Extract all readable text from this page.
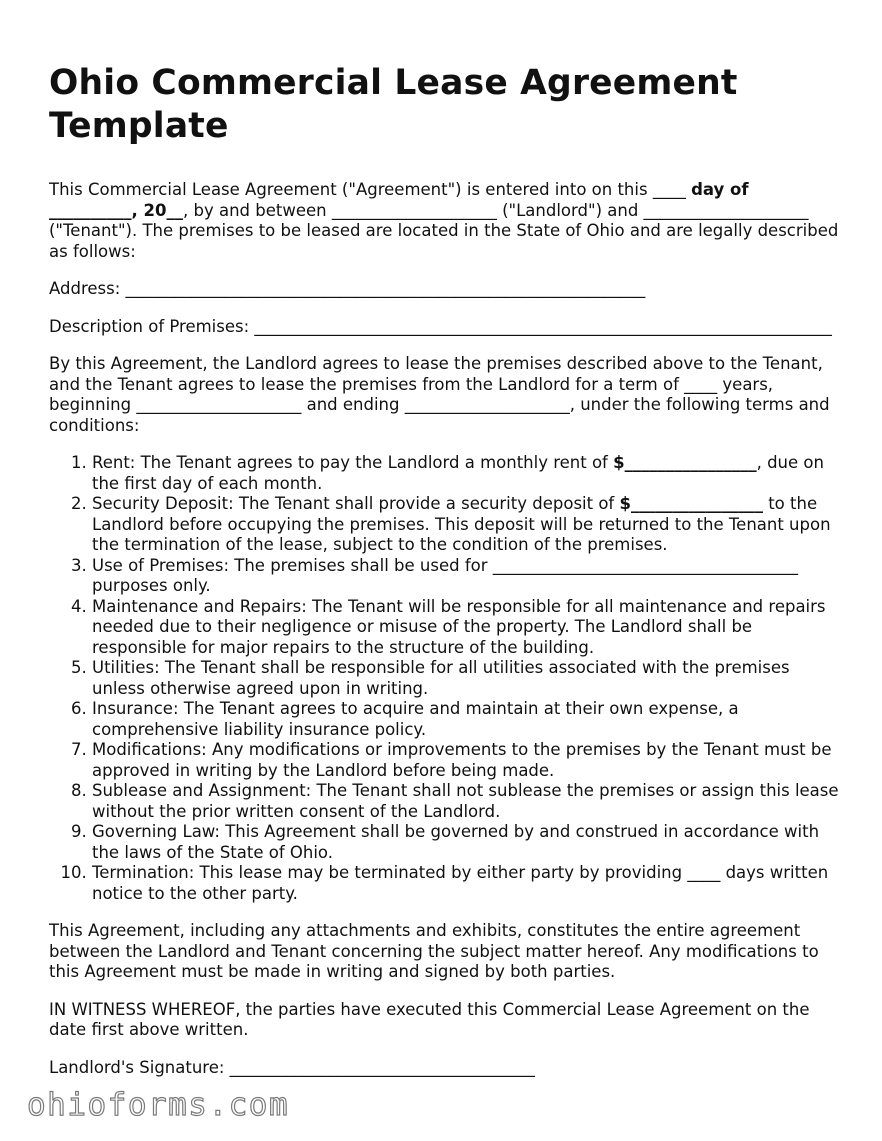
Ohio Commercial Lease Agreement Template

This Commercial Lease Agreement ("Agreement") is entered into on this ____ day of __________, 20__, by and between ____________________ ("Landlord") and ____________________ ("Tenant"). The premises to be leased are located in the State of Ohio and are legally described as follows:

Address: _______________________________________________________________

Description of Premises: ______________________________________________________________________

By this Agreement, the Landlord agrees to lease the premises described above to the Tenant, and the Tenant agrees to lease the premises from the Landlord for a term of ____ years, beginning ____________________ and ending ____________________, under the following terms and conditions:

1. Rent: The Tenant agrees to pay the Landlord a monthly rent of $________________, due on the first day of each month.
2. Security Deposit: The Tenant shall provide a security deposit of $________________ to the Landlord before occupying the premises. This deposit will be returned to the Tenant upon the termination of the lease, subject to the condition of the premises.
3. Use of Premises: The premises shall be used for _____________________________________ purposes only.
4. Maintenance and Repairs: The Tenant will be responsible for all maintenance and repairs needed due to their negligence or misuse of the property. The Landlord shall be responsible for major repairs to the structure of the building.
5. Utilities: The Tenant shall be responsible for all utilities associated with the premises unless otherwise agreed upon in writing.
6. Insurance: The Tenant agrees to acquire and maintain at their own expense, a comprehensive liability insurance policy.
7. Modifications: Any modifications or improvements to the premises by the Tenant must be approved in writing by the Landlord before being made.
8. Sublease and Assignment: The Tenant shall not sublease the premises or assign this lease without the prior written consent of the Landlord.
9. Governing Law: This Agreement shall be governed by and construed in accordance with the laws of the State of Ohio.
10. Termination: This lease may be terminated by either party by providing ____ days written notice to the other party.

This Agreement, including any attachments and exhibits, constitutes the entire agreement between the Landlord and Tenant concerning the subject matter hereof. Any modifications to this Agreement must be made in writing and signed by both parties.

IN WITNESS WHEREOF, the parties have executed this Commercial Lease Agreement on the date first above written.

Landlord's Signature: _____________________________________

ohioforms.com
